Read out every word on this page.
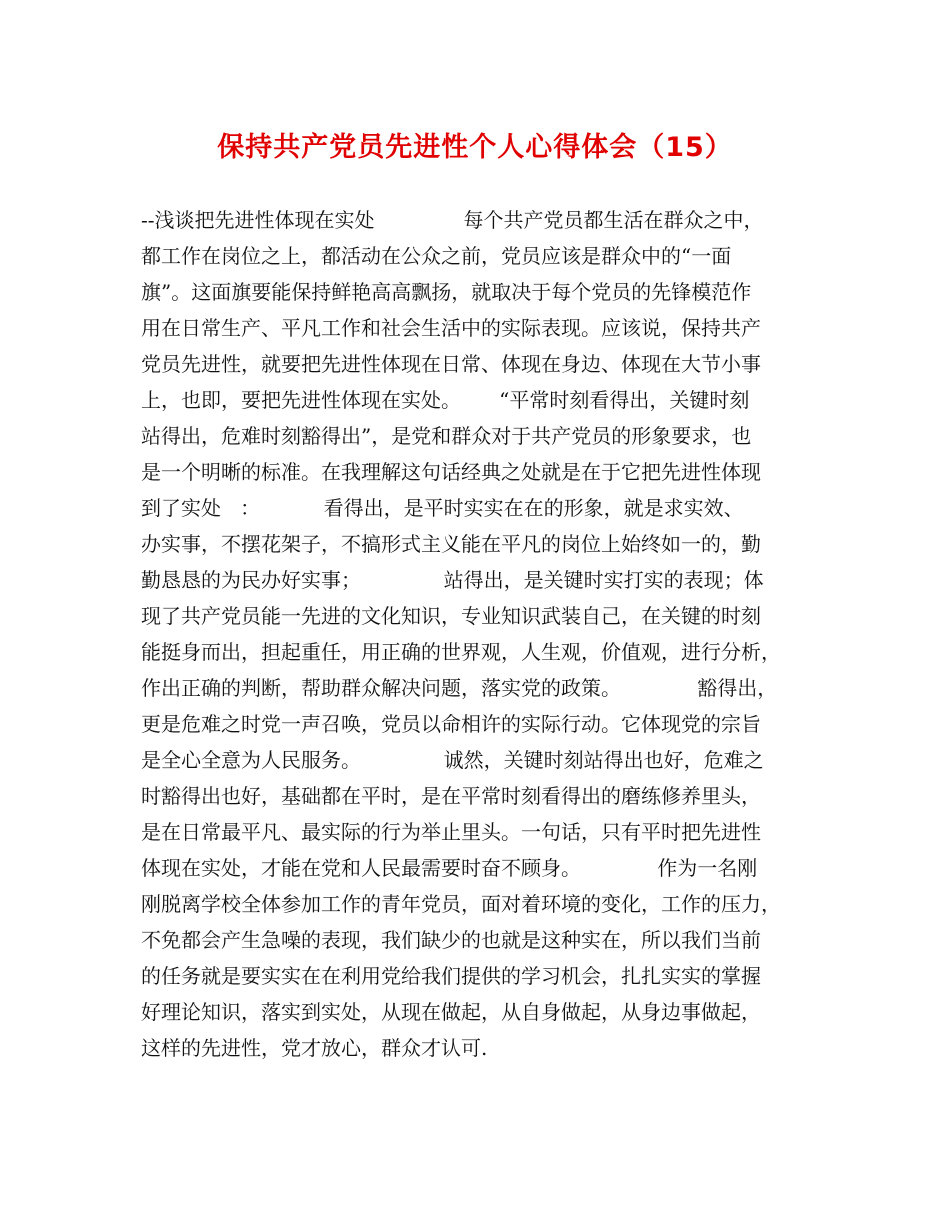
保持共产党员先进性个人心得体会（15）
--浅谈把先进性体现在实处              每个共产党员都生活在群众之中，
都工作在岗位之上，都活动在公众之前，党员应该是群众中的“一面
旗”。这面旗要能保持鲜艳高高飘扬，就取决于每个党员的先锋模范作
用在日常生产、平凡工作和社会生活中的实际表现。应该说，保持共产
党员先进性，就要把先进性体现在日常、体现在身边、体现在大节小事
上，也即，要把先进性体现在实处。      “平常时刻看得出，关键时刻
站得出，危难时刻豁得出”，是党和群众对于共产党员的形象要求，也
是一个明晰的标准。在我理解这句话经典之处就是在于它把先进性体现
到了实处   ：          看得出，是平时实实在在的形象，就是求实效、
办实事，不摆花架子，不搞形式主义能在平凡的岗位上始终如一的，勤
勤恳恳的为民办好实事；             站得出，是关键时实打实的表现；体
现了共产党员能一先进的文化知识，专业知识武装自己，在关键的时刻
能挺身而出，担起重任，用正确的世界观，人生观，价值观，进行分析，
作出正确的判断，帮助群众解决问题，落实党的政策。            豁得出，
更是危难之时党一声召唤，党员以命相许的实际行动。它体现党的宗旨
是全心全意为人民服务。             诚然，关键时刻站得出也好，危难之
时豁得出也好，基础都在平时，是在平常时刻看得出的磨练修养里头，
是在日常最平凡、最实际的行为举止里头。一句话，只有平时把先进性
体现在实处，才能在党和人民最需要时奋不顾身。            作为一名刚
刚脱离学校全体参加工作的青年党员，面对着环境的变化，工作的压力，
不免都会产生急噪的表现，我们缺少的也就是这种实在，所以我们当前
的任务就是要实实在在利用党给我们提供的学习机会，扎扎实实的掌握
好理论知识，落实到实处，从现在做起，从自身做起，从身边事做起，
这样的先进性，党才放心，群众才认可.
